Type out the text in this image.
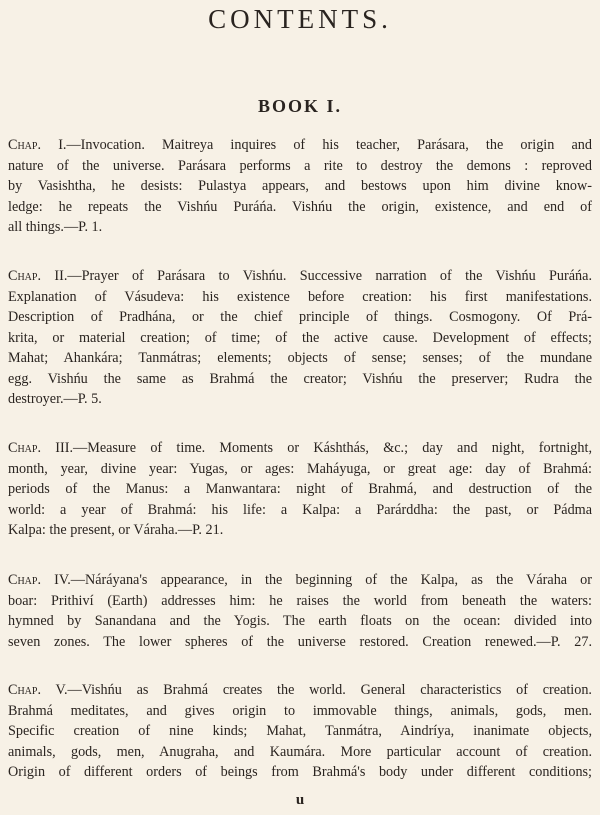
CONTENTS.
BOOK I.
Chap. I.—Invocation. Maitreya inquires of his teacher, Parásara, the origin and
nature of the universe. Parásara performs a rite to destroy the demons : reproved
by Vasishtha, he desists: Pulastya appears, and bestows upon him divine know-
ledge: he repeats the Vishńu Puráńa. Vishńu the origin, existence, and end of
all things.—P. 1.
Chap. II.—Prayer of Parásara to Vishńu. Successive narration of the Vishńu Puráńa.
Explanation of Vásudeva: his existence before creation: his first manifestations.
Description of Pradhána, or the chief principle of things. Cosmogony. Of Prá-
krita, or material creation; of time; of the active cause. Development of effects;
Mahat; Ahankára; Tanmátras; elements; objects of sense; senses; of the mundane
egg. Vishńu the same as Brahmá the creator; Vishńu the preserver; Rudra the
destroyer.—P. 5.
Chap. III.—Measure of time. Moments or Káshthás, &c.; day and night, fortnight,
month, year, divine year: Yugas, or ages: Maháyuga, or great age: day of Brahmá:
periods of the Manus: a Manwantara: night of Brahmá, and destruction of the
world: a year of Brahmá: his life: a Kalpa: a Parárddha: the past, or Pádma
Kalpa: the present, or Váraha.—P. 21.
Chap. IV.—Náráyana's appearance, in the beginning of the Kalpa, as the Váraha or
boar: Prithiví (Earth) addresses him: he raises the world from beneath the waters:
hymned by Sanandana and the Yogis. The earth floats on the ocean: divided into
seven zones. The lower spheres of the universe restored. Creation renewed.—P. 27.
Chap. V.—Vishńu as Brahmá creates the world. General characteristics of creation.
Brahmá meditates, and gives origin to immovable things, animals, gods, men.
Specific creation of nine kinds; Mahat, Tanmátra, Aindríya, inanimate objects,
animals, gods, men, Anugraha, and Kaumára. More particular account of creation.
Origin of different orders of beings from Brahmá's body under different conditions;
u
